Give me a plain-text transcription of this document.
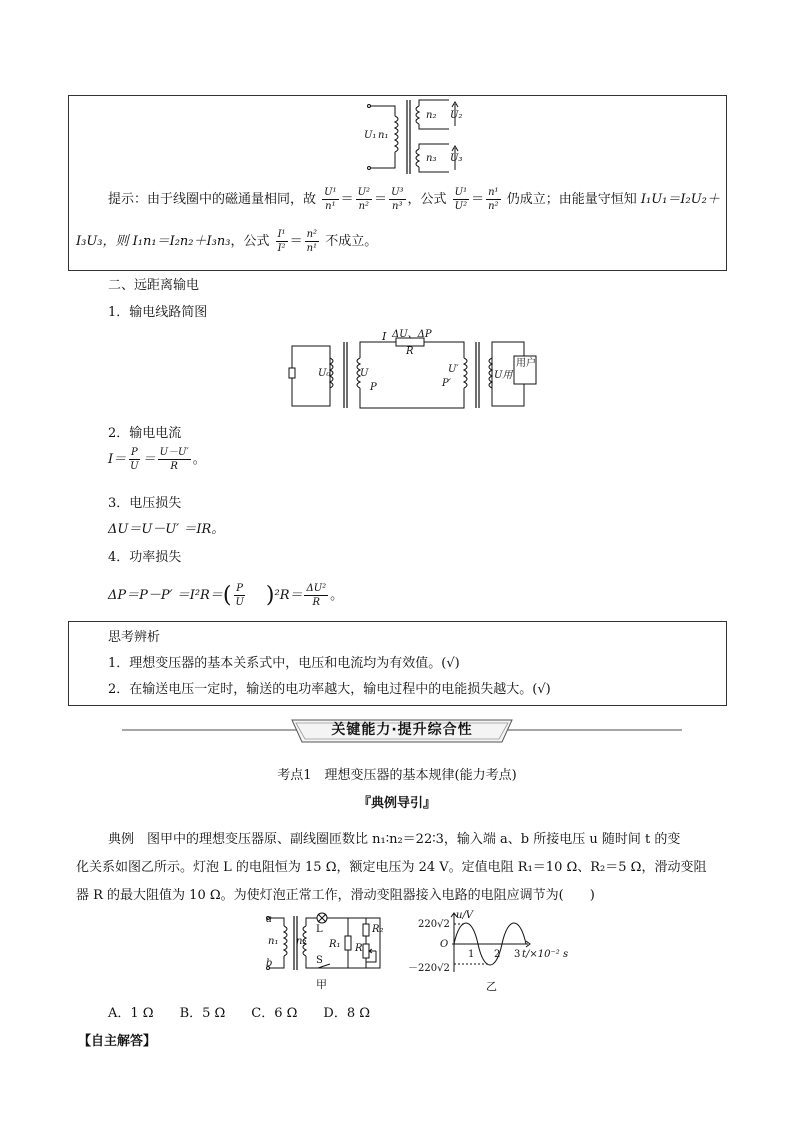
U₁ n₁
n₂ U₂
n₃ U₃
提示：由于线圈中的磁通量相同，故 $\frac{\text{U¹}}{\text{n¹}} = \frac{\text{U²}}{\text{n²}} = \frac{\text{U³}}{\text{n³}}$ ，公式 $\frac{\text{U¹}}{\text{U²}} = \frac{\text{n¹}}{\text{n²}}$ 仍成立；由能量守恒知 I₁U₁＝I₂U₂＋
I₃U₃，则 I₁n₁＝I₂n₂＋I₃n₃，公式 $\frac{\text{I¹}}{\text{I²}} = \frac{\text{n²}}{\text{n¹}}$ 不成立。
二、远距离输电
1．输电线路简图
I ΔU、ΔP
R
U₀	U
P
U′
P′
U用
用户
2．输电电流
$I= \frac{P}{U} = \frac{U-U'}{R}$ 。
3．电压损失
ΔU＝U－U′ ＝IR。
4．功率损失
$\Delta P=P-P' =I^2R=( \frac{P}{U} )^2R= \frac{\text{ΔU²}}{R}$ 。
思考辨析
1．理想变压器的基本关系式中，电压和电流均为有效值。(√)
2．在输送电压一定时，输送的电功率越大，输电过程中的电能损失越大。(√)
关键能力·提升综合性
考点1　理想变压器的基本规律(能力考点)
『典例导引』
典例　图甲中的理想变压器原、副线圈匝数比 n₁∶n₂＝22∶3，输入端 a、b 所接电压 u 随时间 t 的变
化关系如图乙所示。灯泡 L 的电阻恒为 15 Ω，额定电压为 24 V。定值电阻 R₁＝10 Ω、R₂＝5 Ω，滑动变阻
器 R 的最大阻值为 10 Ω。为使灯泡正常工作，滑动变阻器接入电路的电阻应调节为(　　)
a
b
n₁ n₂
L
S
R₁
R₂
R
甲
u/V
220√2
O
－220√2
1 2 3 t/×10⁻² s
乙
A．1 Ω　　B．5 Ω　　C．6 Ω　　D．8 Ω
【自主解答】
